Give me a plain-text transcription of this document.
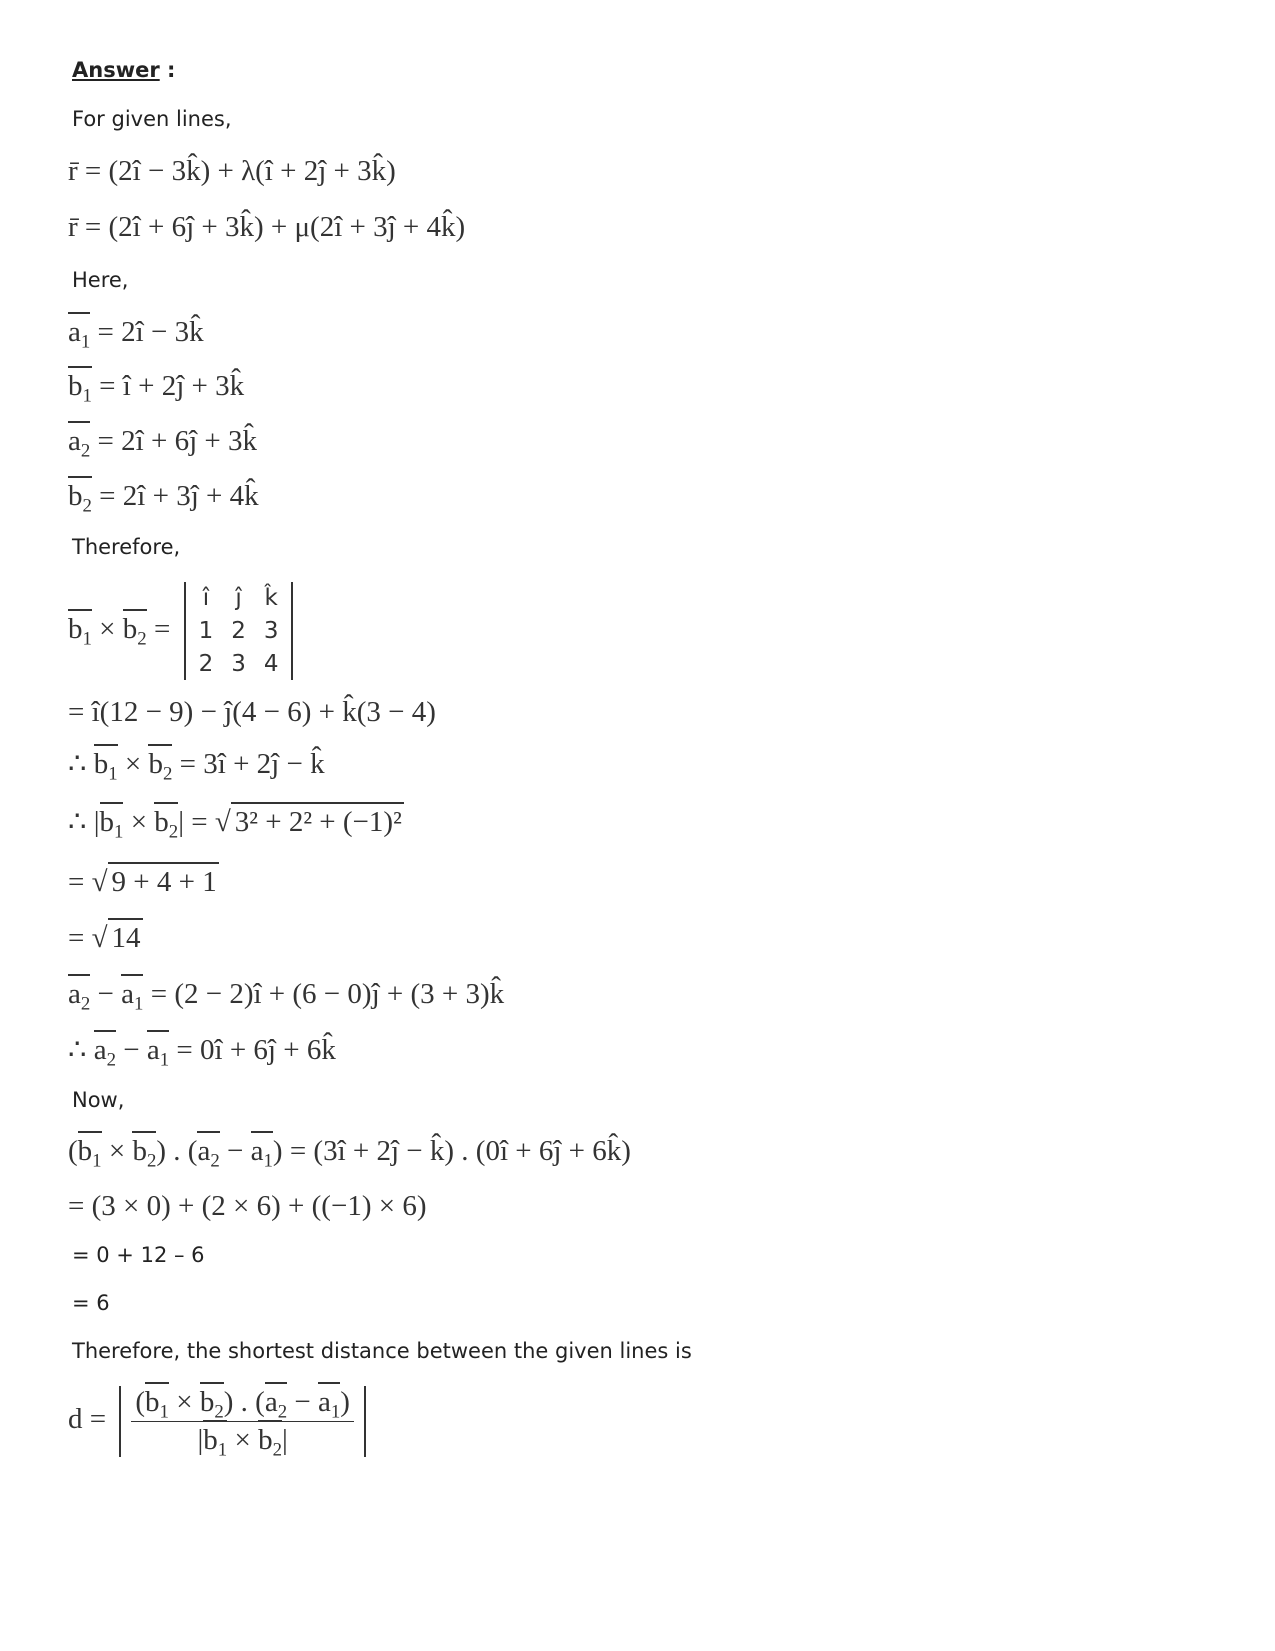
Answer :
For given lines,
r̄ = (2î − 3k̂) + λ(î + 2ĵ + 3k̂)
r̄ = (2î + 6ĵ + 3k̂) + μ(2î + 3ĵ + 4k̂)
Here,
$a_1$ = 2î − 3k̂
$b_1$ = î + 2ĵ + 3k̂
$a_2$ = 2î + 6ĵ + 3k̂
$b_2$ = 2î + 3ĵ + 4k̂
Therefore,
$b_1 \times b_2$ =
î	ĵ	k̂
1	2	3
2	3	4
= î(12 − 9) − ĵ(4 − 6) + k̂(3 − 4)
∴ $b_1 \times b_2$ = 3î + 2ĵ − k̂
∴ $|b_1 \times b_2|$ = √ 3² + 2² + (−1)²
= √ 9 + 4 + 1
= √ 14
$a_2 - a_1 = (2$ − 2)î + (6 − 0)ĵ + (3 + 3)k̂
∴ $a_2 - a_1$ = 0î + 6ĵ + 6k̂
Now,
$(b_1 \times b_2)$ . $(a_2 - a_1)$ = (3î + 2ĵ − k̂) . (0î + 6ĵ + 6k̂)
= (3 × 0) + (2 × 6) + ((−1) × 6)
= 0 + 12 – 6
= 6
Therefore, the shortest distance between the given lines is
$d = \frac{(b_1 \times b_2) . (a_2 - a_1)}{|b_1 \times b_2|}$
